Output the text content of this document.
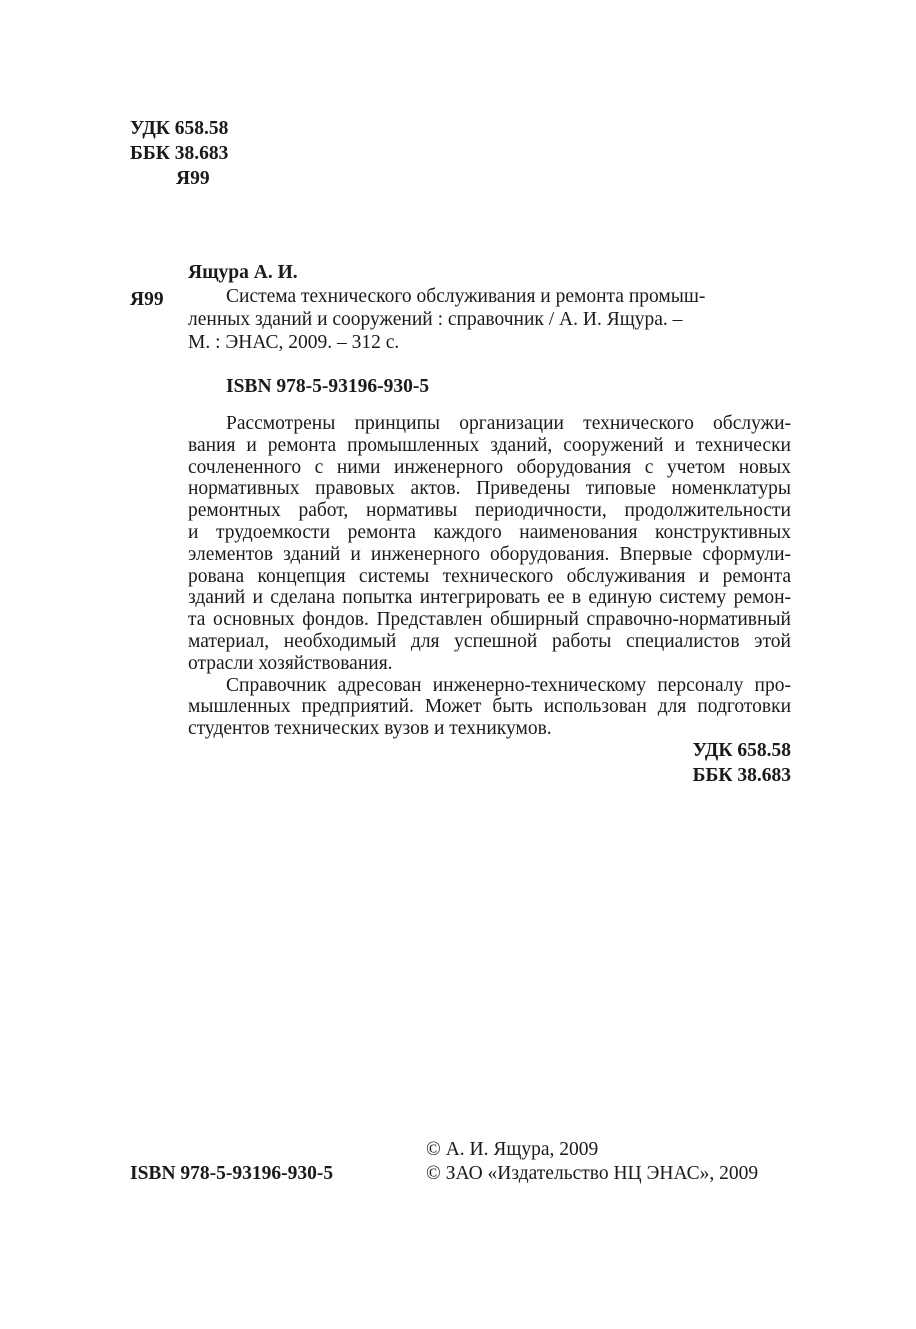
УДК 658.58
ББК 38.683
Я99
Ящура А. И.
Я99	Система технического обслуживания и ремонта промыш-
ленных зданий и сооружений : справочник / А. И. Ящура. –
М. : ЭНАС, 2009. – 312 с.
ISBN 978-5-93196-930-5
Рассмотрены принципы организации технического обслужи-
вания и ремонта промышленных зданий, сооружений и технически
сочлененного с ними инженерного оборудования с учетом новых
нормативных правовых актов. Приведены типовые номенклатуры
ремонтных работ, нормативы периодичности, продолжительности
и трудоемкости ремонта каждого наименования конструктивных
элементов зданий и инженерного оборудования. Впервые сформули-
рована концепция системы технического обслуживания и ремонта
зданий и сделана попытка интегрировать ее в единую систему ремон-
та основных фондов. Представлен обширный справочно-нормативный
материал, необходимый для успешной работы специалистов этой
отрасли хозяйствования.
Справочник адресован инженерно-техническому персоналу про-
мышленных предприятий. Может быть использован для подготовки
студентов технических вузов и техникумов.
УДК 658.58
ББК 38.683
© А. И. Ящура, 2009
© ЗАО «Издательство НЦ ЭНАС», 2009
ISBN 978-5-93196-930-5
